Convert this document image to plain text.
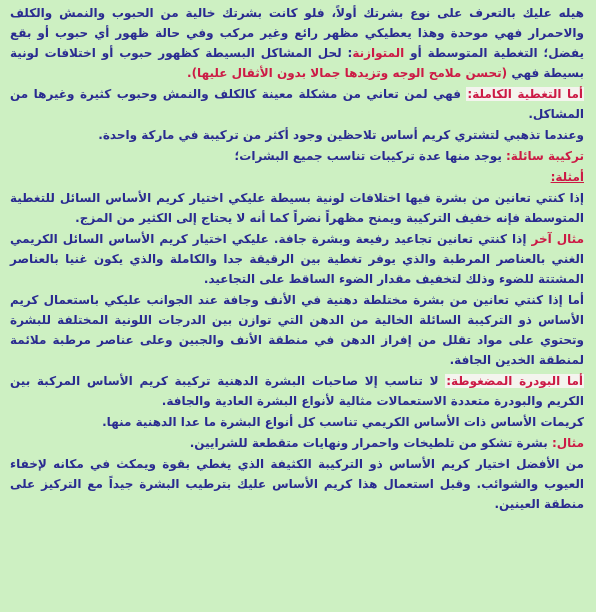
هيله عليك بالتعرف على نوع بشرتك أولاً، فلو كانت بشرتك خالية من الحبوب والنمش والكلف والاحمرار فهي موحدة وهذا يعطيكي مظهر رائع وغير مركب وفي حالة ظهور أي حبوب أو بقع يفضل؛ التغطية المتوسطة أو المتوازنة: لحل المشاكل البسيطة كظهور حبوب أو اختلافات لونية بسيطة فهي (تحسن ملامح الوجه وتزيدها جمالا بدون الأثقال عليها).
أما التغطية الكاملة: فهي لمن تعاني من مشكلة معينة كالكلف والنمش وحبوب كثيرة وغيرها من المشاكل.
وعندما تذهبي لتشتري كريم أساس تلاحظين وجود أكثر من تركيبة في ماركة واحدة.
تركيبة سائلة: يوجد منها عدة تركيبات تناسب جميع البشرات؛
أمثلة:
إذا كنتي تعانين من بشرة فيها اختلافات لونية بسيطة عليكي اختيار كريم الأساس السائل للتغطية المتوسطة فإنه خفيف التركيبة ويمنح مظهراً نضراً كما أنه لا يحتاج إلى الكثير من المزج.
مثال آخر إذا كنتي تعانين تجاعيد رفيعة وبشرة جافة. عليكي اختيار كريم الأساس السائل الكريمي الغني بالعناصر المرطبة والذي يوفر تغطية بين الرقيقة جدا والكاملة والذي يكون غنيا بالعناصر المشتتة للضوء وذلك لتخفيف مقدار الضوء الساقط على التجاعيد.
أما إذا كنتي تعانين من بشرة مختلطة دهنية في الأنف وجافة عند الجوانب عليكي باستعمال كريم الأساس ذو التركيبة السائلة الخالية من الدهن التي توازن بين الدرجات اللونية المختلفة للبشرة وتحتوي على مواد تقلل من إفراز الدهن في منطقة الأنف والجبين وعلى عناصر مرطبة ملائمة لمنطقة الخدين الجافة.
أما البودرة المضغوطة: لا تناسب إلا صاحبات البشرة الدهنية تركيبة كريم الأساس المركبة بين الكريم والبودرة متعددة الاستعمالات مثالية لأنواع البشرة العادية والجافة.
كريمات الأساس ذات الأساس الكريمي تناسب كل أنواع البشرة ما عدا الدهنية منها.
مثال: بشرة تشكو من تلطيخات واحمرار ونهايات متقطعة للشرايين.
من الأفضل اختيار كريم الأساس ذو التركيبة الكثيفة الذي يغطي بقوة ويمكث في مكانه لإخفاء العيوب والشوائب. وقبل استعمال هذا كريم الأساس عليك بترطيب البشرة جيداً مع التركيز على منطقة العينين.
